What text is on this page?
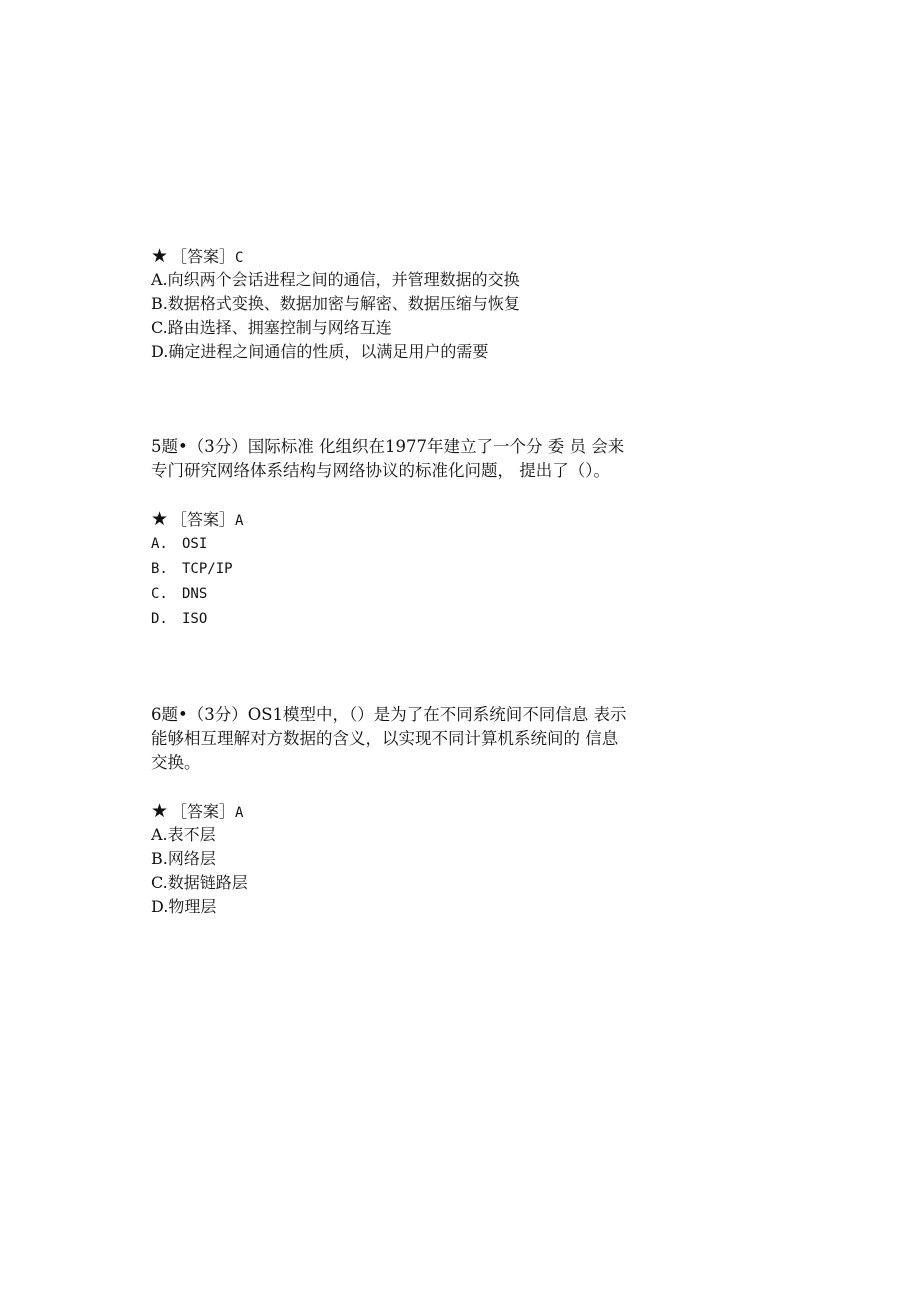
★ ［答案］C
A.向织两个会话进程之间的通信，并管理数据的交换
B.数据格式变换、数据加密与解密、数据压缩与恢复
C.路由选择、拥塞控制与网络互连
D.确定进程之间通信的性质，以满足用户的需要
5题•（3分）国际标准 化组织在1977年建立了一个分 委 员 会来
专门研究网络体系结构与网络协议的标准化问题， 提出了（）。
★ ［答案］A
A. OSI
B. TCP/IP
C. DNS
D. ISO
6题•（3分）OS1模型中，（）是为了在不同系统间不同信息 表示
能够相互理解对方数据的含义，以实现不同计算机系统间的 信息
交换。
★ ［答案］A
A.表不层
B.网络层
C.数据链路层
D.物理层
